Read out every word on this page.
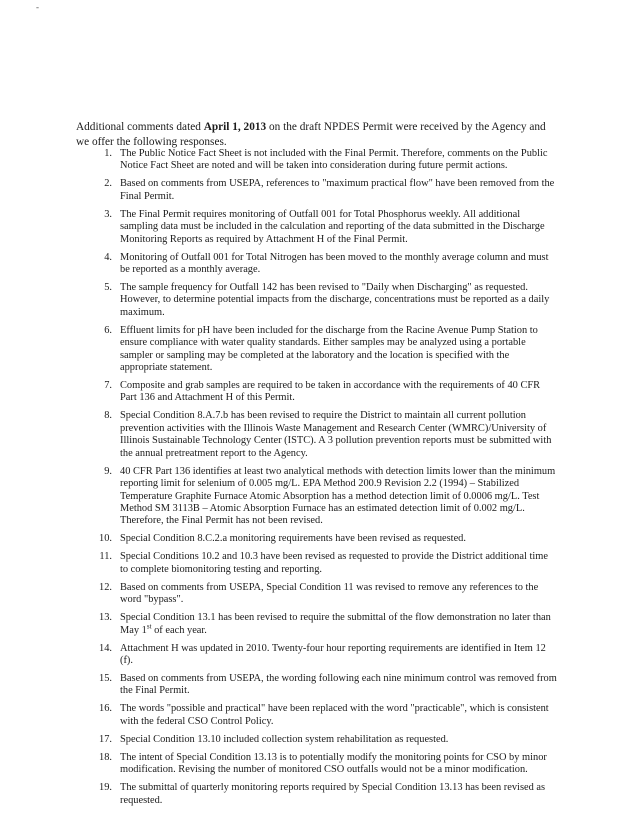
-

Additional comments dated April 1, 2013 on the draft NPDES Permit were received by the Agency and we offer the following responses.

1. The Public Notice Fact Sheet is not included with the Final Permit. Therefore, comments on the Public Notice Fact Sheet are noted and will be taken into consideration during future permit actions.
2. Based on comments from USEPA, references to "maximum practical flow" have been removed from the Final Permit.
3. The Final Permit requires monitoring of Outfall 001 for Total Phosphorus weekly. All additional sampling data must be included in the calculation and reporting of the data submitted in the Discharge Monitoring Reports as required by Attachment H of the Final Permit.
4. Monitoring of Outfall 001 for Total Nitrogen has been moved to the monthly average column and must be reported as a monthly average.
5. The sample frequency for Outfall 142 has been revised to "Daily when Discharging" as requested. However, to determine potential impacts from the discharge, concentrations must be reported as a daily maximum.
6. Effluent limits for pH have been included for the discharge from the Racine Avenue Pump Station to ensure compliance with water quality standards. Either samples may be analyzed using a portable sampler or sampling may be completed at the laboratory and the location is specified with the appropriate statement.
7. Composite and grab samples are required to be taken in accordance with the requirements of 40 CFR Part 136 and Attachment H of this Permit.
8. Special Condition 8.A.7.b has been revised to require the District to maintain all current pollution prevention activities with the Illinois Waste Management and Research Center (WMRC)/University of Illinois Sustainable Technology Center (ISTC). A 3 pollution prevention reports must be submitted with the annual pretreatment report to the Agency.
9. 40 CFR Part 136 identifies at least two analytical methods with detection limits lower than the minimum reporting limit for selenium of 0.005 mg/L. EPA Method 200.9 Revision 2.2 (1994) – Stabilized Temperature Graphite Furnace Atomic Absorption has a method detection limit of 0.0006 mg/L. Test Method SM 3113B – Atomic Absorption Furnace has an estimated detection limit of 0.002 mg/L. Therefore, the Final Permit has not been revised.
10. Special Condition 8.C.2.a monitoring requirements have been revised as requested.
11. Special Conditions 10.2 and 10.3 have been revised as requested to provide the District additional time to complete biomonitoring testing and reporting.
12. Based on comments from USEPA, Special Condition 11 was revised to remove any references to the word "bypass".
13. Special Condition 13.1 has been revised to require the submittal of the flow demonstration no later than May 1st of each year.
14. Attachment H was updated in 2010. Twenty-four hour reporting requirements are identified in Item 12 (f).
15. Based on comments from USEPA, the wording following each nine minimum control was removed from the Final Permit.
16. The words "possible and practical" have been replaced with the word "practicable", which is consistent with the federal CSO Control Policy.
17. Special Condition 13.10 included collection system rehabilitation as requested.
18. The intent of Special Condition 13.13 is to potentially modify the monitoring points for CSO by minor modification. Revising the number of monitored CSO outfalls would not be a minor modification.
19. The submittal of quarterly monitoring reports required by Special Condition 13.13 has been revised as requested.
